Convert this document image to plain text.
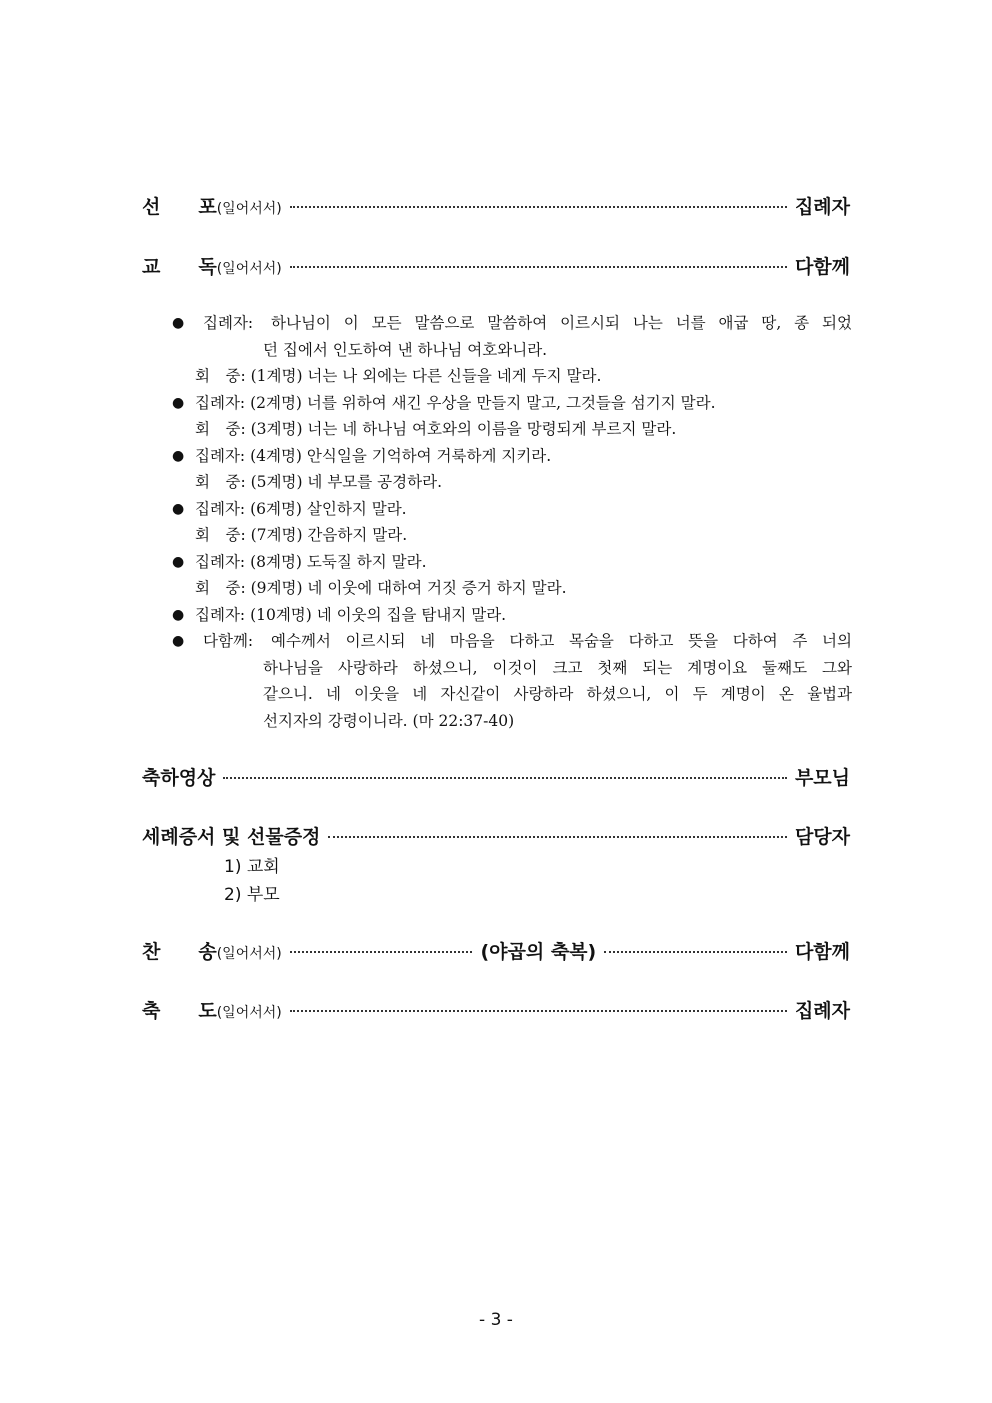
선 포 (일어서서)	집례자
교 독 (일어서서)	다함께
●	집례자:	하나님이 이 모든 말씀으로 말씀하여 이르시되 나는 너를 애굽 땅, 종 되었
던 집에서 인도하여 낸 하나님 여호와니라.
회　중: (1계명) 너는 나 외에는 다른 신들을 네게 두지 말라.
● 집례자: (2계명) 너를 위하여 새긴 우상을 만들지 말고, 그것들을 섬기지 말라.
회　중: (3계명) 너는 네 하나님 여호와의 이름을 망령되게 부르지 말라.
● 집례자: (4계명) 안식일을 기억하여 거룩하게 지키라.
회　중: (5계명) 네 부모를 공경하라.
● 집례자: (6계명) 살인하지 말라.
회　중: (7계명) 간음하지 말라.
● 집례자: (8계명) 도둑질 하지 말라.
회　중: (9계명) 네 이웃에 대하여 거짓 증거 하지 말라.
● 집례자: (10계명) 네 이웃의 집을 탐내지 말라.
●	다함께:	예수께서 이르시되 네 마음을 다하고 목숨을 다하고 뜻을 다하여 주 너의
하나님을 사랑하라 하셨으니, 이것이 크고 첫째 되는 계명이요 둘째도 그와
같으니. 네 이웃을 네 자신같이 사랑하라 하셨으니, 이 두 계명이 온 율법과
선지자의 강령이니라. (마 22:37-40)
축하영상	부모님
세례증서 및 선물증정	담당자
1) 교회
2) 부모
찬 송 (일어서서)	(야곱의 축복)	다함께
축 도 (일어서서)	집례자
- 3 -
